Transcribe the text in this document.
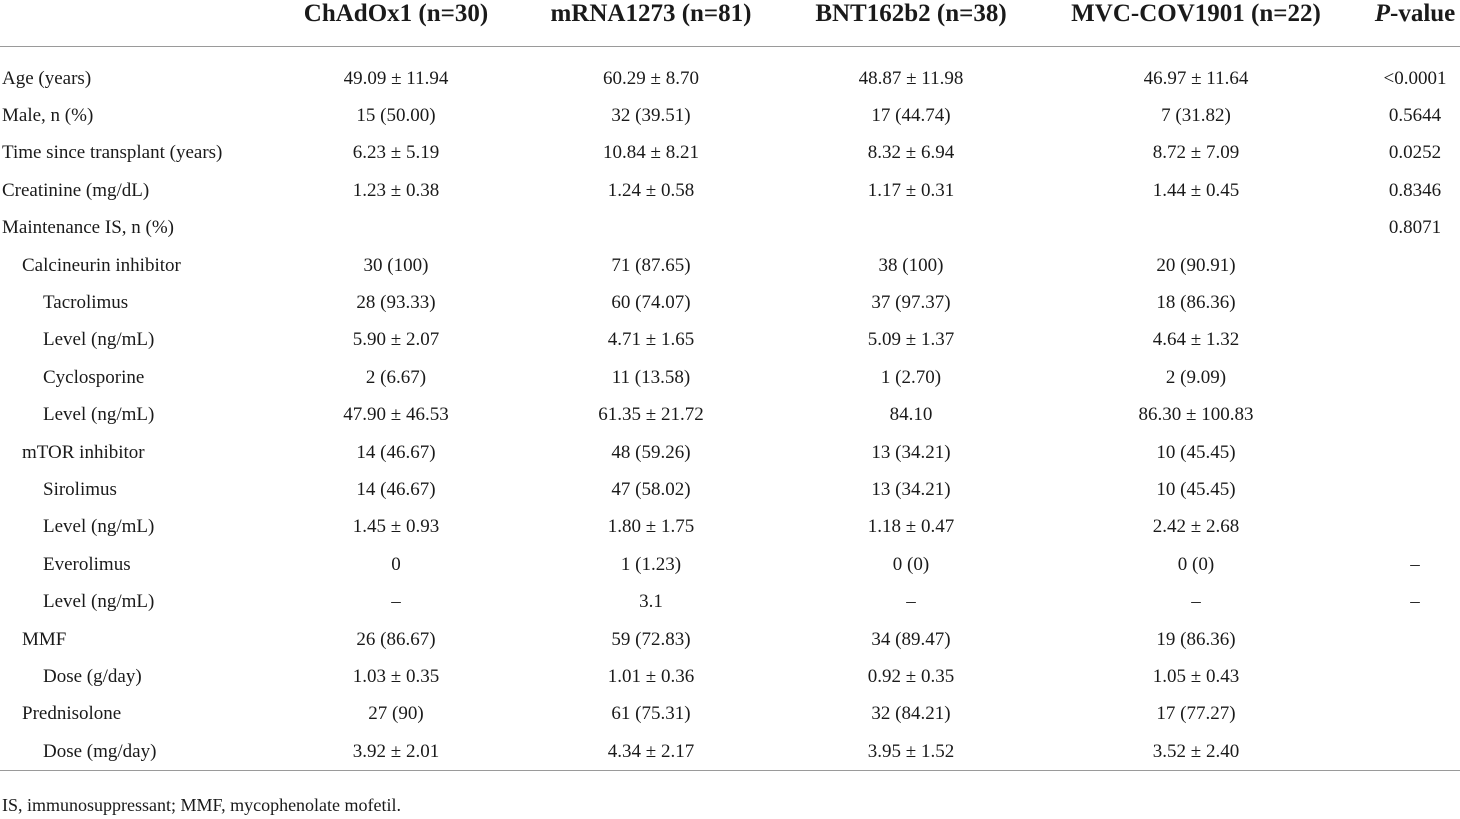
	ChAdOx1 (n=30)	mRNA1273 (n=81)	BNT162b2 (n=38)	MVC-COV1901 (n=22)	P-value

Age (years)	49.09 ± 11.94	60.29 ± 8.70	48.87 ± 11.98	46.97 ± 11.64	<0.0001
Male, n (%)	15 (50.00)	32 (39.51)	17 (44.74)	7 (31.82)	0.5644
Time since transplant (years)	6.23 ± 5.19	10.84 ± 8.21	8.32 ± 6.94	8.72 ± 7.09	0.0252
Creatinine (mg/dL)	1.23 ± 0.38	1.24 ± 0.58	1.17 ± 0.31	1.44 ± 0.45	0.8346
Maintenance IS, n (%)					0.8071
Calcineurin inhibitor	30 (100)	71 (87.65)	38 (100)	20 (90.91)	
Tacrolimus	28 (93.33)	60 (74.07)	37 (97.37)	18 (86.36)	
Level (ng/mL)	5.90 ± 2.07	4.71 ± 1.65	5.09 ± 1.37	4.64 ± 1.32	
Cyclosporine	2 (6.67)	11 (13.58)	1 (2.70)	2 (9.09)	
Level (ng/mL)	47.90 ± 46.53	61.35 ± 21.72	84.10	86.30 ± 100.83	
mTOR inhibitor	14 (46.67)	48 (59.26)	13 (34.21)	10 (45.45)	
Sirolimus	14 (46.67)	47 (58.02)	13 (34.21)	10 (45.45)	
Level (ng/mL)	1.45 ± 0.93	1.80 ± 1.75	1.18 ± 0.47	2.42 ± 2.68	
Everolimus	0	1 (1.23)	0 (0)	0 (0)	–
Level (ng/mL)	–	3.1	–	–	–
MMF	26 (86.67)	59 (72.83)	34 (89.47)	19 (86.36)	
Dose (g/day)	1.03 ± 0.35	1.01 ± 0.36	0.92 ± 0.35	1.05 ± 0.43	
Prednisolone	27 (90)	61 (75.31)	32 (84.21)	17 (77.27)	
Dose (mg/day)	3.92 ± 2.01	4.34 ± 2.17	3.95 ± 1.52	3.52 ± 2.40	
IS, immunosuppressant; MMF, mycophenolate mofetil.
